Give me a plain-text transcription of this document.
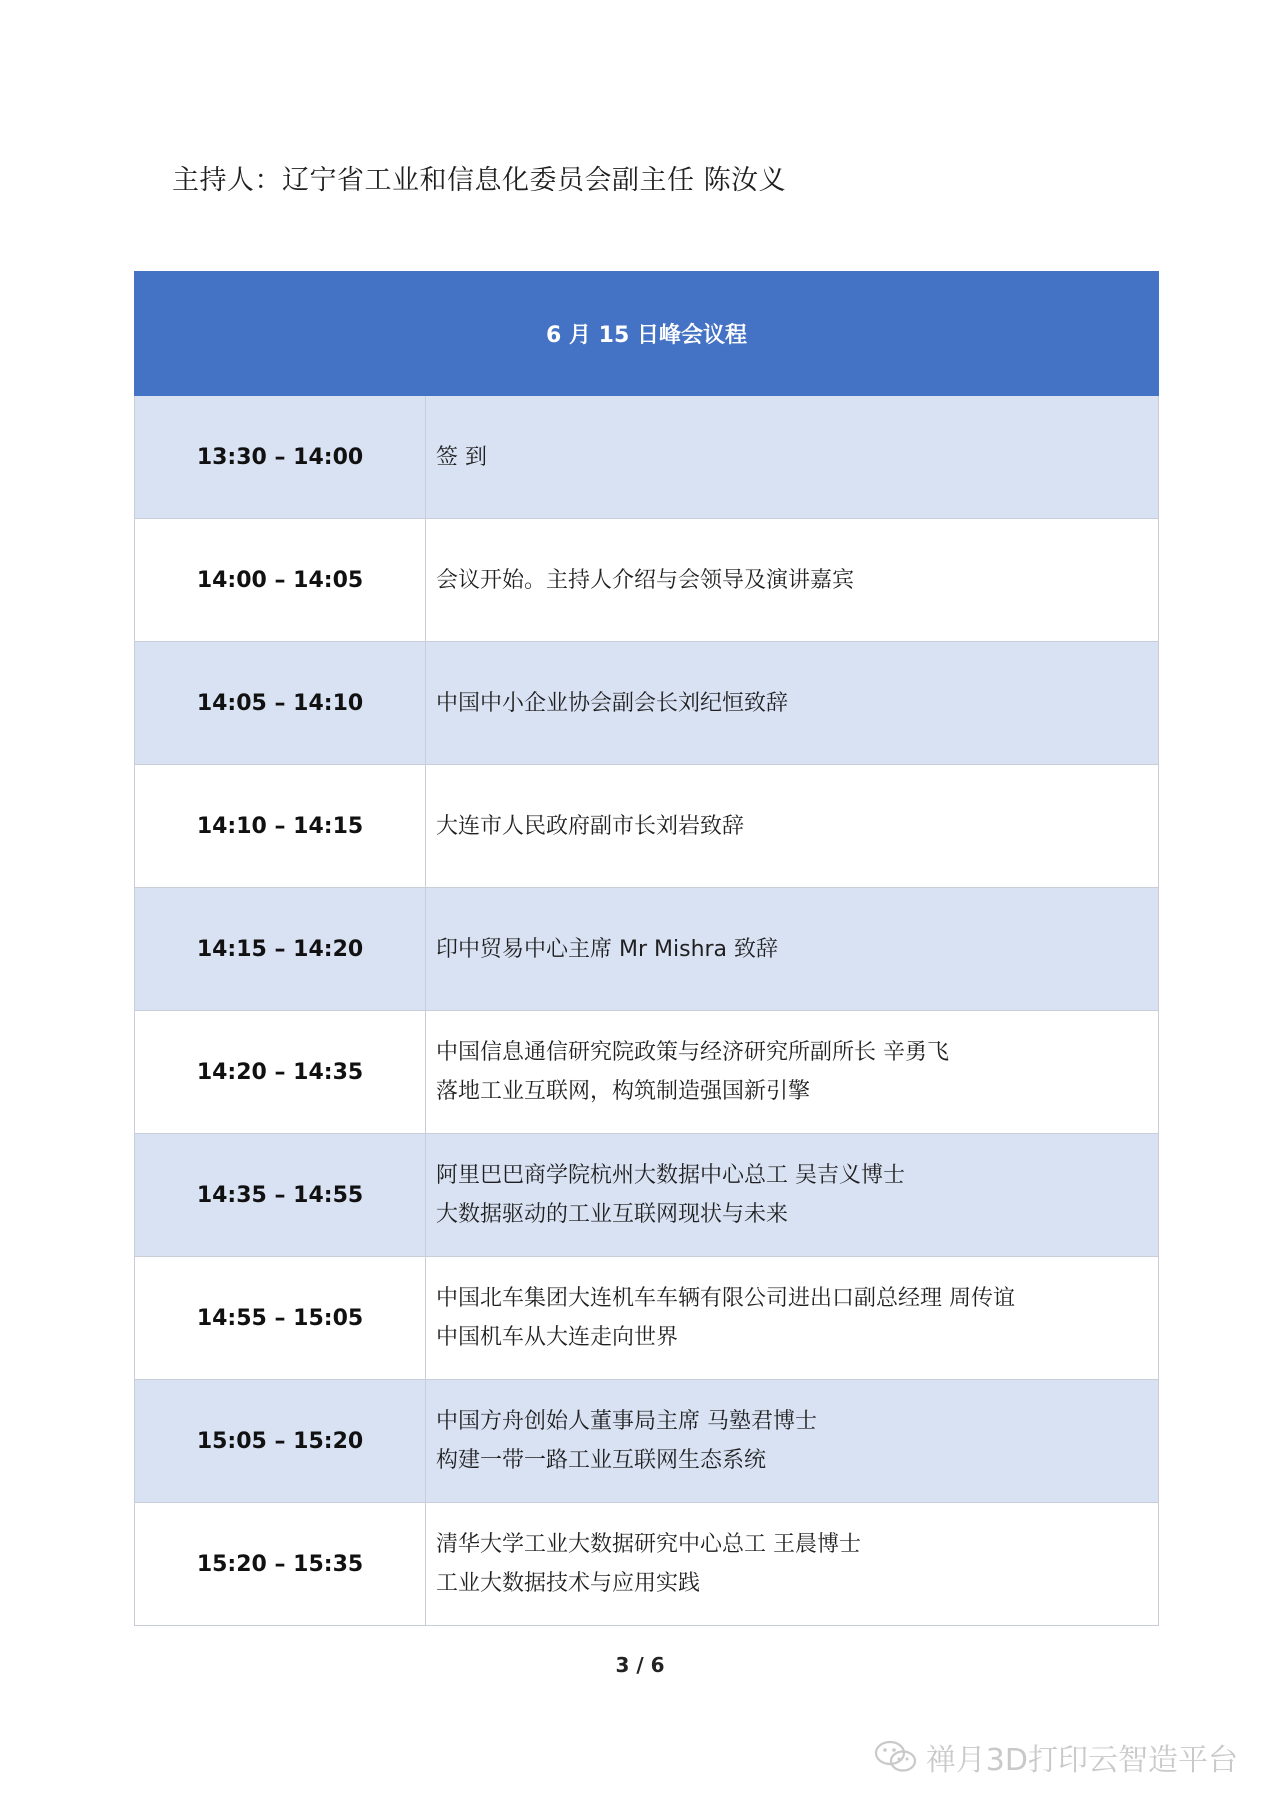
主持人：辽宁省工业和信息化委员会副主任 陈汝义
6 月 15 日峰会议程	
13:30 – 14:00	签 到

14:00 – 14:05	会议开始。主持人介绍与会领导及演讲嘉宾

14:05 – 14:10	中国中小企业协会副会长刘纪恒致辞

14:10 – 14:15	大连市人民政府副市长刘岩致辞

14:15 – 14:20	印中贸易中心主席 Mr Mishra 致辞

14:20 – 14:35	中国信息通信研究院政策与经济研究所副所长 辛勇飞
落地工业互联网，构筑制造强国新引擎

14:35 – 14:55	阿里巴巴商学院杭州大数据中心总工 吴吉义博士
大数据驱动的工业互联网现状与未来

14:55 – 15:05	中国北车集团大连机车车辆有限公司进出口副总经理 周传谊
中国机车从大连走向世界

15:05 – 15:20	中国方舟创始人董事局主席 马塾君博士
构建一带一路工业互联网生态系统

15:20 – 15:35	清华大学工业大数据研究中心总工 王晨博士
工业大数据技术与应用实践
3 / 6
禅月3D打印云智造平台
